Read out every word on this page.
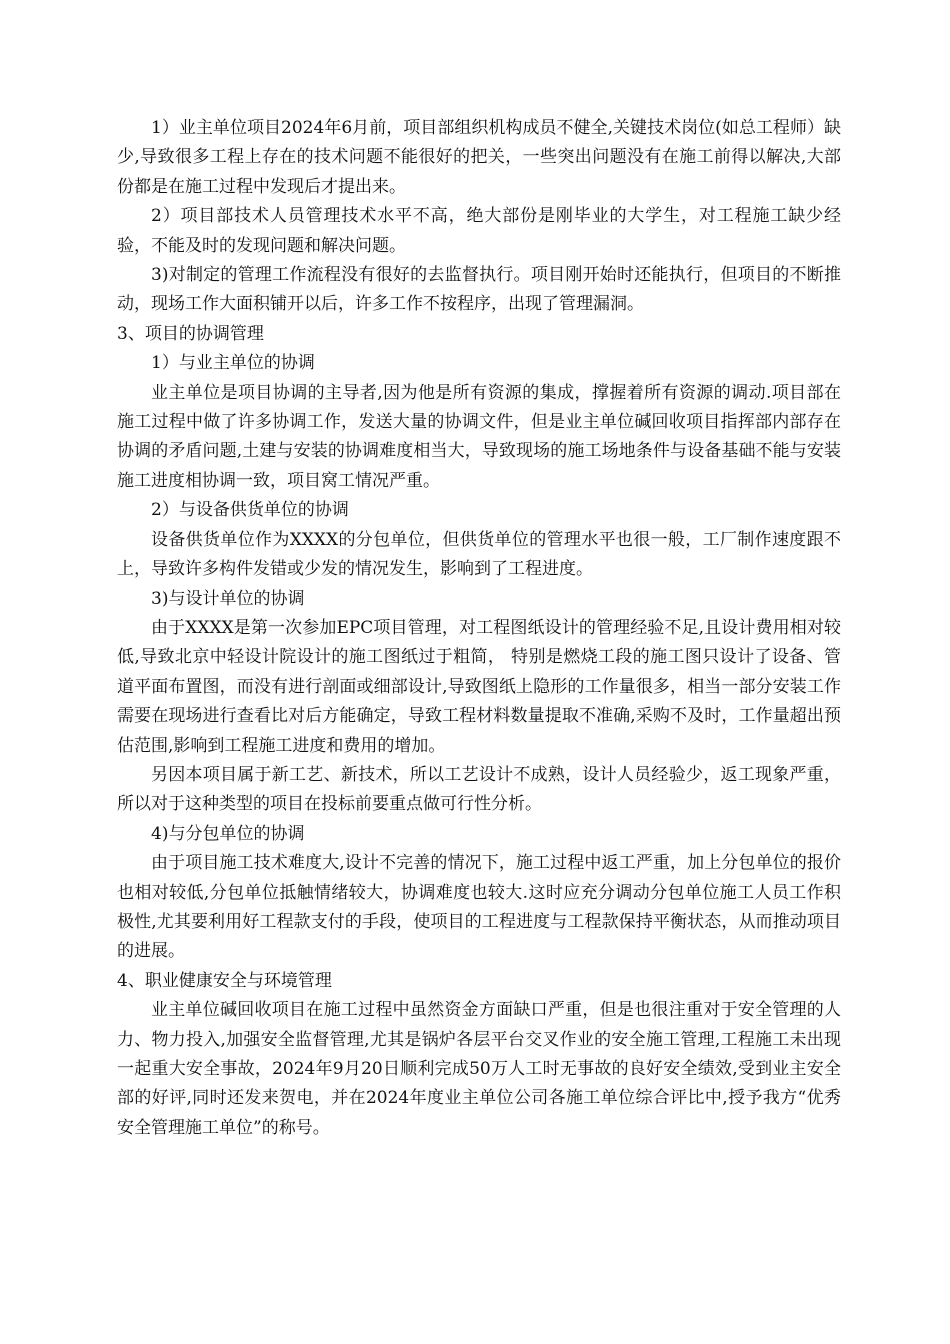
1）业主单位项目2024年6月前，项目部组织机构成员不健全,关键技术岗位(如总工程师）缺少,导致很多工程上存在的技术问题不能很好的把关，一些突出问题没有在施工前得以解决,大部份都是在施工过程中发现后才提出来。

2）项目部技术人员管理技术水平不高，绝大部份是刚毕业的大学生，对工程施工缺少经验，不能及时的发现问题和解决问题。

3)对制定的管理工作流程没有很好的去监督执行。项目刚开始时还能执行，但项目的不断推动，现场工作大面积铺开以后，许多工作不按程序，出现了管理漏洞。

3、项目的协调管理

1）与业主单位的协调

业主单位是项目协调的主导者,因为他是所有资源的集成，撑握着所有资源的调动.项目部在施工过程中做了许多协调工作，发送大量的协调文件，但是业主单位碱回收项目指挥部内部存在协调的矛盾问题,土建与安装的协调难度相当大，导致现场的施工场地条件与设备基础不能与安装施工进度相协调一致，项目窝工情况严重。

2）与设备供货单位的协调

设备供货单位作为XXXX的分包单位，但供货单位的管理水平也很一般，工厂制作速度跟不上，导致许多构件发错或少发的情况发生，影响到了工程进度。

3)与设计单位的协调

由于XXXX是第一次参加EPC项目管理，对工程图纸设计的管理经验不足,且设计费用相对较低,导致北京中轻设计院设计的施工图纸过于粗简， 特别是燃烧工段的施工图只设计了设备、管道平面布置图，而没有进行剖面或细部设计,导致图纸上隐形的工作量很多，相当一部分安装工作需要在现场进行查看比对后方能确定，导致工程材料数量提取不准确,采购不及时，工作量超出预估范围,影响到工程施工进度和费用的增加。

另因本项目属于新工艺、新技术，所以工艺设计不成熟，设计人员经验少，返工现象严重，所以对于这种类型的项目在投标前要重点做可行性分析。

4)与分包单位的协调

由于项目施工技术难度大,设计不完善的情况下，施工过程中返工严重，加上分包单位的报价也相对较低,分包单位抵触情绪较大，协调难度也较大.这时应充分调动分包单位施工人员工作积极性,尤其要利用好工程款支付的手段，使项目的工程进度与工程款保持平衡状态，从而推动项目的进展。

4、职业健康安全与环境管理

业主单位碱回收项目在施工过程中虽然资金方面缺口严重，但是也很注重对于安全管理的人力、物力投入,加强安全监督管理,尤其是锅炉各层平台交叉作业的安全施工管理,工程施工未出现一起重大安全事故，2024年9月20日顺利完成50万人工时无事故的良好安全绩效,受到业主安全部的好评,同时还发来贺电，并在2024年度业主单位公司各施工单位综合评比中,授予我方“优秀安全管理施工单位”的称号。
